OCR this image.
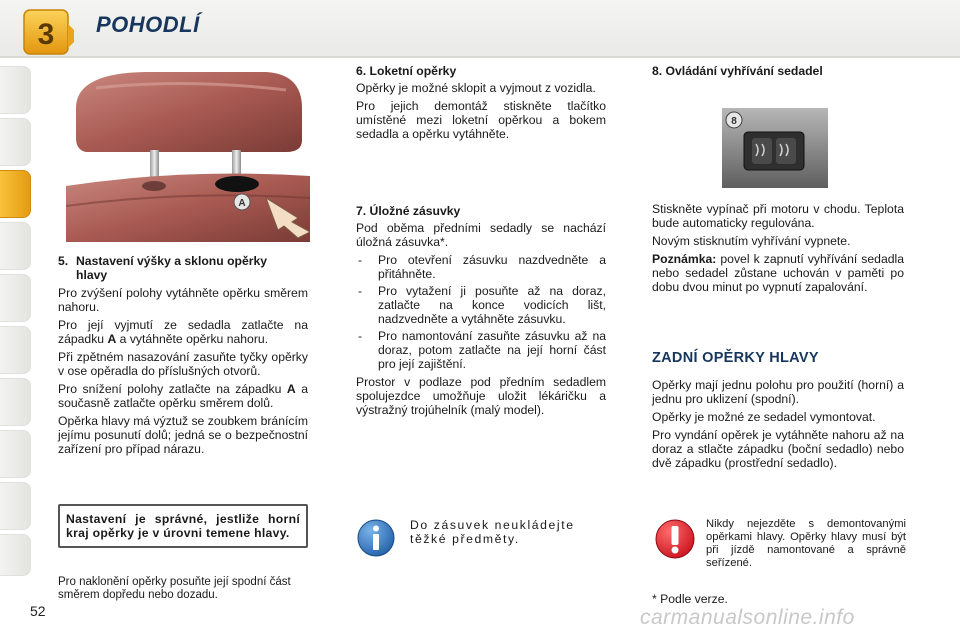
3 POHODLÍ
A
5. Nastavení výšky a sklonu opěrky hlavy

Pro zvýšení polohy vytáhněte opěrku směrem nahoru.

Pro její vyjmutí ze sedadla zatlačte na západku A a vytáhněte opěrku nahoru.

Při zpětném nasazování zasuňte tyčky opěrky v ose opěradla do příslušných otvorů.

Pro snížení polohy zatlačte na západku A a současně zatlačte opěrku směrem dolů.

Opěrka hlavy má výztuž se zoubkem bránícím jejímu posunutí dolů; jedná se o bezpečnostní zařízení pro případ nárazu.

Nastavení je správné, jestliže horní kraj opěrky je v úrovni temene hlavy.
Pro naklonění opěrky posuňte její spodní část směrem dopředu nebo dozadu.
6. Loketní opěrky

Opěrky je možné sklopit a vyjmout z vozidla.

Pro jejich demontáž stiskněte tlačítko umístěné mezi loketní opěrkou a bokem sedadla a opěrku vytáhněte.

7. Úložné zásuvky

Pod oběma předními sedadly se nachází úložná zásuvka*.

- Pro otevření zásuvku nazdvedněte a přitáhněte.
- Pro vytažení ji posuňte až na doraz, zatlačte na konce vodicích lišt, nadzvedněte a vytáhněte zásuvku.
- Pro namontování zasuňte zásuvku až na doraz, potom zatlačte na její horní část pro její zajištění.

Prostor v podlaze pod předním sedadlem spolujezdce umožňuje uložit lékáričku a výstražný trojúhelník (malý model).

Do zásuvek neukládejte těžké předměty.
8. Ovládání vyhřívání sedadel
8

Stiskněte vypínač při motoru v chodu. Teplota bude automaticky regulována.

Novým stisknutím vyhřívání vypnete.

Poznámka: povel k zapnutí vyhřívání sedadla nebo sedadel zůstane uchován v paměti po dobu dvou minut po vypnutí zapalování.

ZADNÍ OPĚRKY HLAVY

Opěrky mají jednu polohu pro použití (horní) a jednu pro uklizení (spodní).

Opěrky je možné ze sedadel vymontovat.

Pro vyndání opěrek je vytáhněte nahoru až na doraz a stlačte západku (boční sedadlo) nebo dvě západku (prostřední sedadlo).

Nikdy nejezděte s demontovanými opěrkami hlavy. Opěrky hlavy musí být při jízdě namontované a správně seřízené.
* Podle verze.
52	carmanualsonline.info
